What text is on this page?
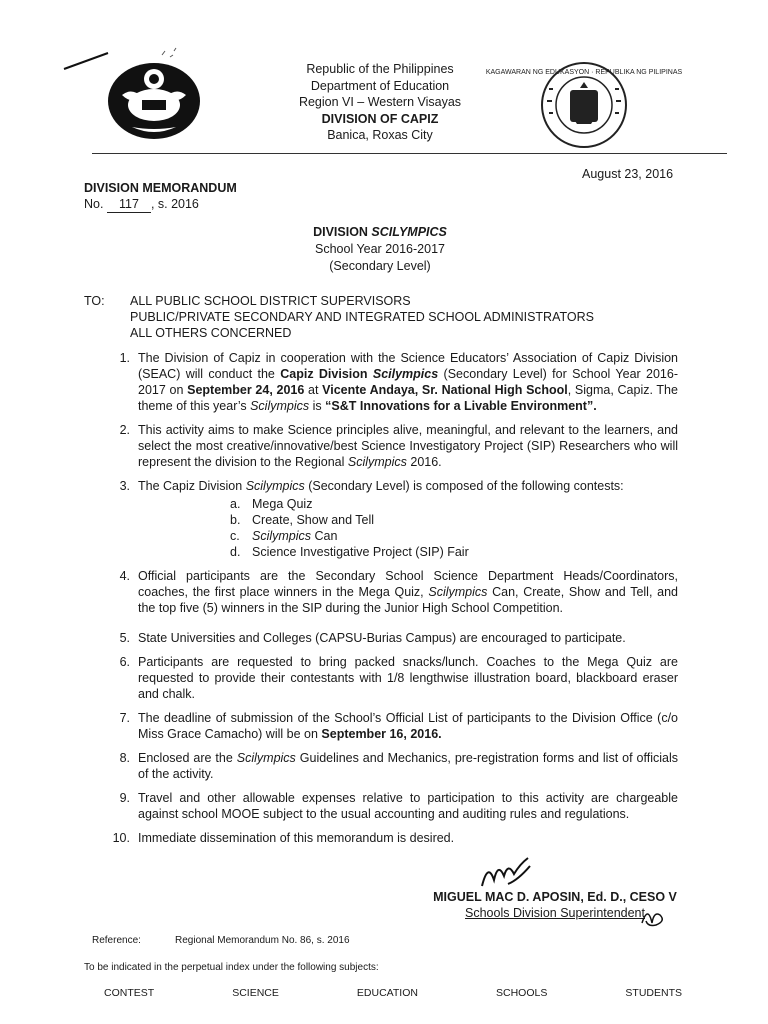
Republic of the Philippines
Department of Education
Region VI – Western Visayas
DIVISION OF CAPIZ
Banica, Roxas City
KAGAWARAN NG EDUKASYON · REPUBLIKA NG PILIPINAS
August 23, 2016
DIVISION MEMORANDUM
No. 117 , s. 2016
DIVISION SCILYMPICS
School Year 2016-2017
(Secondary Level)
TO: ALL PUBLIC SCHOOL DISTRICT SUPERVISORS
PUBLIC/PRIVATE SECONDARY AND INTEGRATED SCHOOL ADMINISTRATORS
ALL OTHERS CONCERNED
1. The Division of Capiz in cooperation with the Science Educators’ Association of Capiz Division (SEAC) will conduct the Capiz Division Scilympics (Secondary Level) for School Year 2016-2017 on September 24, 2016 at Vicente Andaya, Sr. National High School, Sigma, Capiz. The theme of this year’s Scilympics is “S&T Innovations for a Livable Environment”.
2. This activity aims to make Science principles alive, meaningful, and relevant to the learners, and select the most creative/innovative/best Science Investigatory Project (SIP) Researchers who will represent the division to the Regional Scilympics 2016.
3. The Capiz Division Scilympics (Secondary Level) is composed of the following contests:
a. Mega Quiz
b. Create, Show and Tell
c. Scilympics Can
d. Science Investigative Project (SIP) Fair
4. Official participants are the Secondary School Science Department Heads/Coordinators, coaches, the first place winners in the Mega Quiz, Scilympics Can, Create, Show and Tell, and the top five (5) winners in the SIP during the Junior High School Competition.
5. State Universities and Colleges (CAPSU-Burias Campus) are encouraged to participate.
6. Participants are requested to bring packed snacks/lunch. Coaches to the Mega Quiz are requested to provide their contestants with 1/8 lengthwise illustration board, blackboard eraser and chalk.
7. The deadline of submission of the School’s Official List of participants to the Division Office (c/o Miss Grace Camacho) will be on September 16, 2016.
8. Enclosed are the Scilympics Guidelines and Mechanics, pre-registration forms and list of officials of the activity.
9. Travel and other allowable expenses relative to participation to this activity are chargeable against school MOOE subject to the usual accounting and auditing rules and regulations.
10. Immediate dissemination of this memorandum is desired.
MIGUEL MAC D. APOSIN, Ed. D., CESO V
Schools Division Superintendent
Reference:	Regional Memorandum No. 86, s. 2016
To be indicated in the perpetual index under the following subjects:
CONTEST	SCIENCE	EDUCATION	SCHOOLS	STUDENTS
